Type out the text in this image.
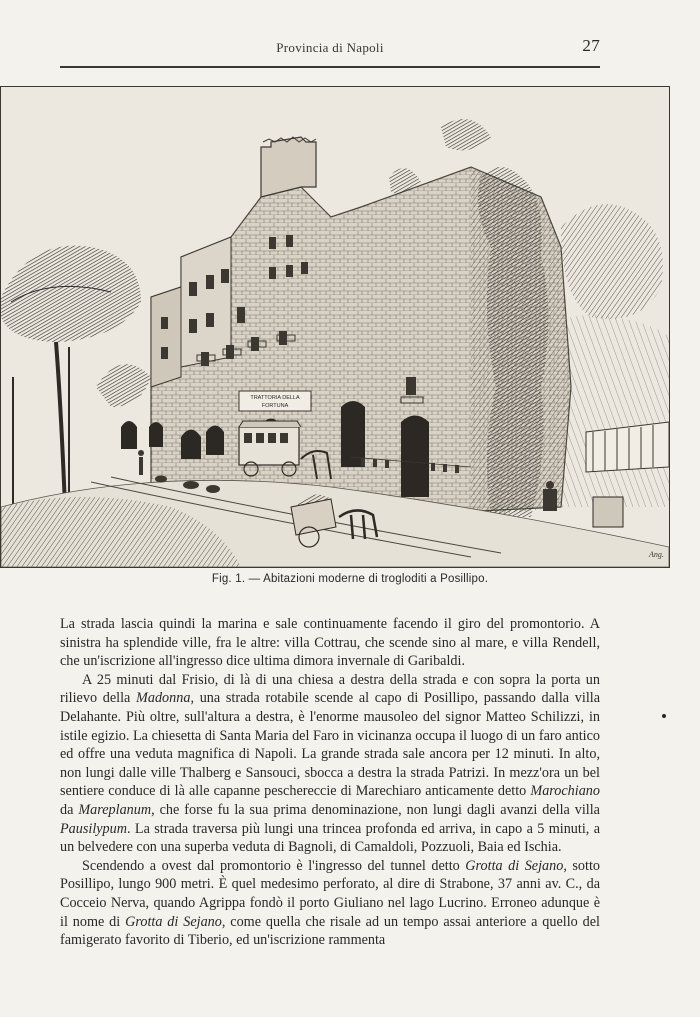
Provincia di Napoli	27
TRATTORIA DELLA
FORTUNA
Ang.
Fig. 1. — Abitazioni moderne di trogloditi a Posillipo.

La strada lascia quindi la marina e sale continuamente facendo il giro del promontorio. A sinistra ha splendide ville, fra le altre: villa Cottrau, che scende sino al mare, e villa Rendell, che un'iscrizione all'ingresso dice ultima dimora invernale di Garibaldi.

A 25 minuti dal Frisio, di là di una chiesa a destra della strada e con sopra la porta un rilievo della Madonna, una strada rotabile scende al capo di Posillipo, passando dalla villa Delahante. Più oltre, sull'altura a destra, è l'enorme mausoleo del signor Matteo Schilizzi, in istile egizio. La chiesetta di Santa Maria del Faro in vicinanza occupa il luogo di un faro antico ed offre una veduta magnifica di Napoli. La grande strada sale ancora per 12 minuti. In alto, non lungi dalle ville Thalberg e Sansouci, sbocca a destra la strada Patrizi. In mezz'ora un bel sentiere conduce di là alle capanne peschereccie di Marechiaro anticamente detto Marochiano da Mareplanum, che forse fu la sua prima denominazione, non lungi dagli avanzi della villa Pausilypum. La strada traversa più lungi una trincea profonda ed arriva, in capo a 5 minuti, a un belvedere con una superba veduta di Bagnoli, di Camaldoli, Pozzuoli, Baia ed Ischia.

Scendendo a ovest dal promontorio è l'ingresso del tunnel detto Grotta di Sejano, sotto Posillipo, lungo 900 metri. È quel medesimo perforato, al dire di Strabone, 37 anni av. C., da Cocceio Nerva, quando Agrippa fondò il porto Giuliano nel lago Lucrino. Erroneo adunque è il nome di Grotta di Sejano, come quella che risale ad un tempo assai anteriore a quello del famigerato favorito di Tiberio, ed un'iscrizione rammenta
